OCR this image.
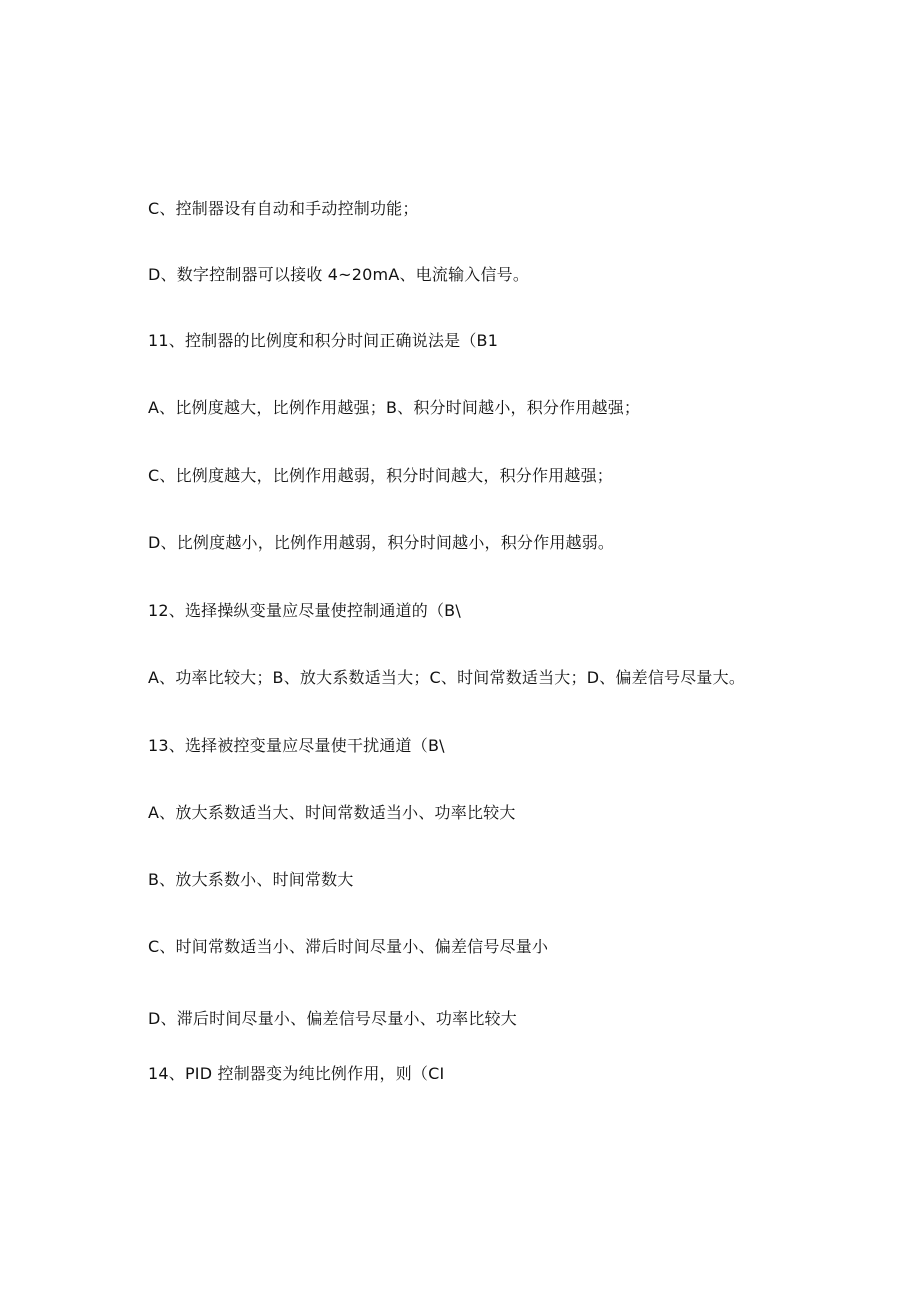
C、控制器设有自动和手动控制功能；
D、数字控制器可以接收 4~20mA、电流输入信号。
11、控制器的比例度和积分时间正确说法是（B1
A、比例度越大，比例作用越强；B、积分时间越小，积分作用越强；
C、比例度越大，比例作用越弱，积分时间越大，积分作用越强；
D、比例度越小，比例作用越弱，积分时间越小，积分作用越弱。
12、选择操纵变量应尽量使控制通道的（B\
A、功率比较大；B、放大系数适当大；C、时间常数适当大；D、偏差信号尽量大。
13、选择被控变量应尽量使干扰通道（B\
A、放大系数适当大、时间常数适当小、功率比较大
B、放大系数小、时间常数大
C、时间常数适当小、滞后时间尽量小、偏差信号尽量小
D、滞后时间尽量小、偏差信号尽量小、功率比较大
14、PID 控制器变为纯比例作用，则（CI
